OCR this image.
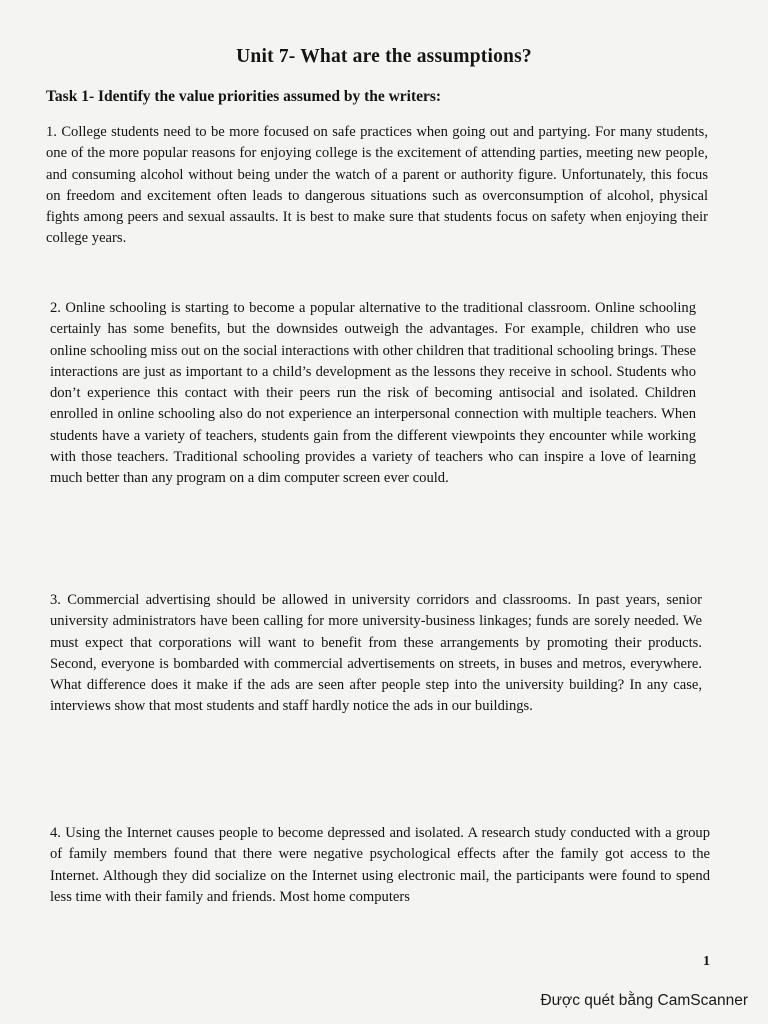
Unit 7- What are the assumptions?
Task 1- Identify the value priorities assumed by the writers:

1. College students need to be more focused on safe practices when going out and partying. For many students, one of the more popular reasons for enjoying college is the excitement of attending parties, meeting new people, and consuming alcohol without being under the watch of a parent or authority figure. Unfortunately, this focus on freedom and excitement often leads to dangerous situations such as overconsumption of alcohol, physical fights among peers and sexual assaults. It is best to make sure that students focus on safety when enjoying their college years.

2. Online schooling is starting to become a popular alternative to the traditional classroom. Online schooling certainly has some benefits, but the downsides outweigh the advantages. For example, children who use online schooling miss out on the social interactions with other children that traditional schooling brings. These interactions are just as important to a child’s development as the lessons they receive in school. Students who don’t experience this contact with their peers run the risk of becoming antisocial and isolated. Children enrolled in online schooling also do not experience an interpersonal connection with multiple teachers. When students have a variety of teachers, students gain from the different viewpoints they encounter while working with those teachers. Traditional schooling provides a variety of teachers who can inspire a love of learning much better than any program on a dim computer screen ever could.

3. Commercial advertising should be allowed in university corridors and classrooms. In past years, senior university administrators have been calling for more university-business linkages; funds are sorely needed. We must expect that corporations will want to benefit from these arrangements by promoting their products. Second, everyone is bombarded with commercial advertisements on streets, in buses and metros, everywhere. What difference does it make if the ads are seen after people step into the university building? In any case, interviews show that most students and staff hardly notice the ads in our buildings.

4. Using the Internet causes people to become depressed and isolated. A research study conducted with a group of family members found that there were negative psychological effects after the family got access to the Internet. Although they did socialize on the Internet using electronic mail, the participants were found to spend less time with their family and friends. Most home computers

1
Được quét bằng CamScanner
